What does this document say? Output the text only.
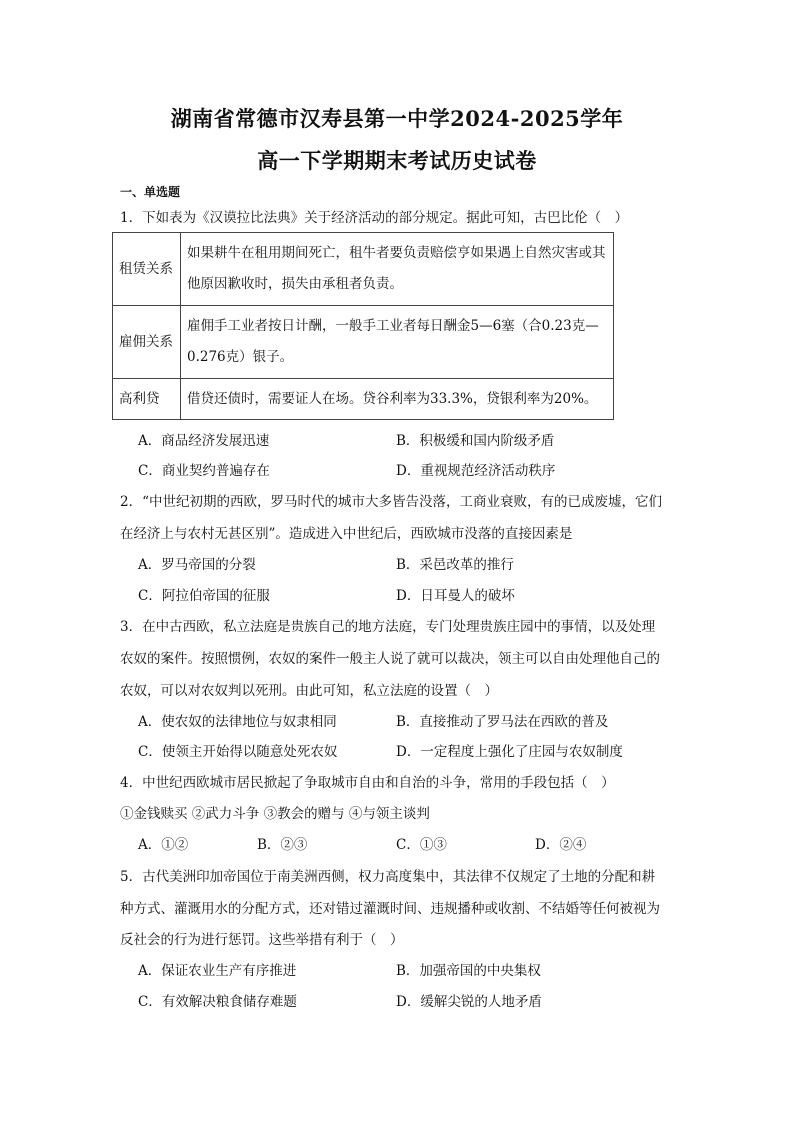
湖南省常德市汉寿县第一中学2024-2025学年
高一下学期期末考试历史试卷
一、单选题
1．下如表为《汉谟拉比法典》关于经济活动的部分规定。据此可知，古巴比伦（　）
租赁关系	如果耕牛在租用期间死亡，租牛者要负责赔偿亨如果遇上自然灾害或其他原因歉收时，损失由承租者负责。
雇佣关系	雇佣手工业者按日计酬，一般手工业者每日酬金5—6塞（合0.23克—0.276克）银子。
高利贷	借贷还债时，需要证人在场。贷谷利率为33.3%，贷银利率为20%。
A．商品经济发展迅速	B．积极缓和国内阶级矛盾
C．商业契约普遍存在	D．重视规范经济活动秩序
2．“中世纪初期的西欧，罗马时代的城市大多皆告没落，工商业衰败，有的已成废墟，它们
在经济上与农村无甚区别”。造成进入中世纪后，西欧城市没落的直接因素是
A．罗马帝国的分裂	B．采邑改革的推行
C．阿拉伯帝国的征服	D．日耳曼人的破坏
3．在中古西欧，私立法庭是贵族自己的地方法庭，专门处理贵族庄园中的事情，以及处理
农奴的案件。按照惯例，农奴的案件一般主人说了就可以裁决，领主可以自由处理他自己的
农奴，可以对农奴判以死刑。由此可知，私立法庭的设置（　）
A．使农奴的法律地位与奴隶相同	B．直接推动了罗马法在西欧的普及
C．使领主开始得以随意处死农奴	D．一定程度上强化了庄园与农奴制度
4．中世纪西欧城市居民掀起了争取城市自由和自治的斗争，常用的手段包括（　）
①金钱赎买 ②武力斗争 ③教会的赠与 ④与领主谈判
A．①②	B．②③	C．①③	D．②④
5．古代美洲印加帝国位于南美洲西侧，权力高度集中，其法律不仅规定了土地的分配和耕
种方式、灌溉用水的分配方式，还对错过灌溉时间、违规播种或收割、不结婚等任何被视为
反社会的行为进行惩罚。这些举措有利于（　）
A．保证农业生产有序推进	B．加强帝国的中央集权
C．有效解决粮食储存难题	D．缓解尖锐的人地矛盾
